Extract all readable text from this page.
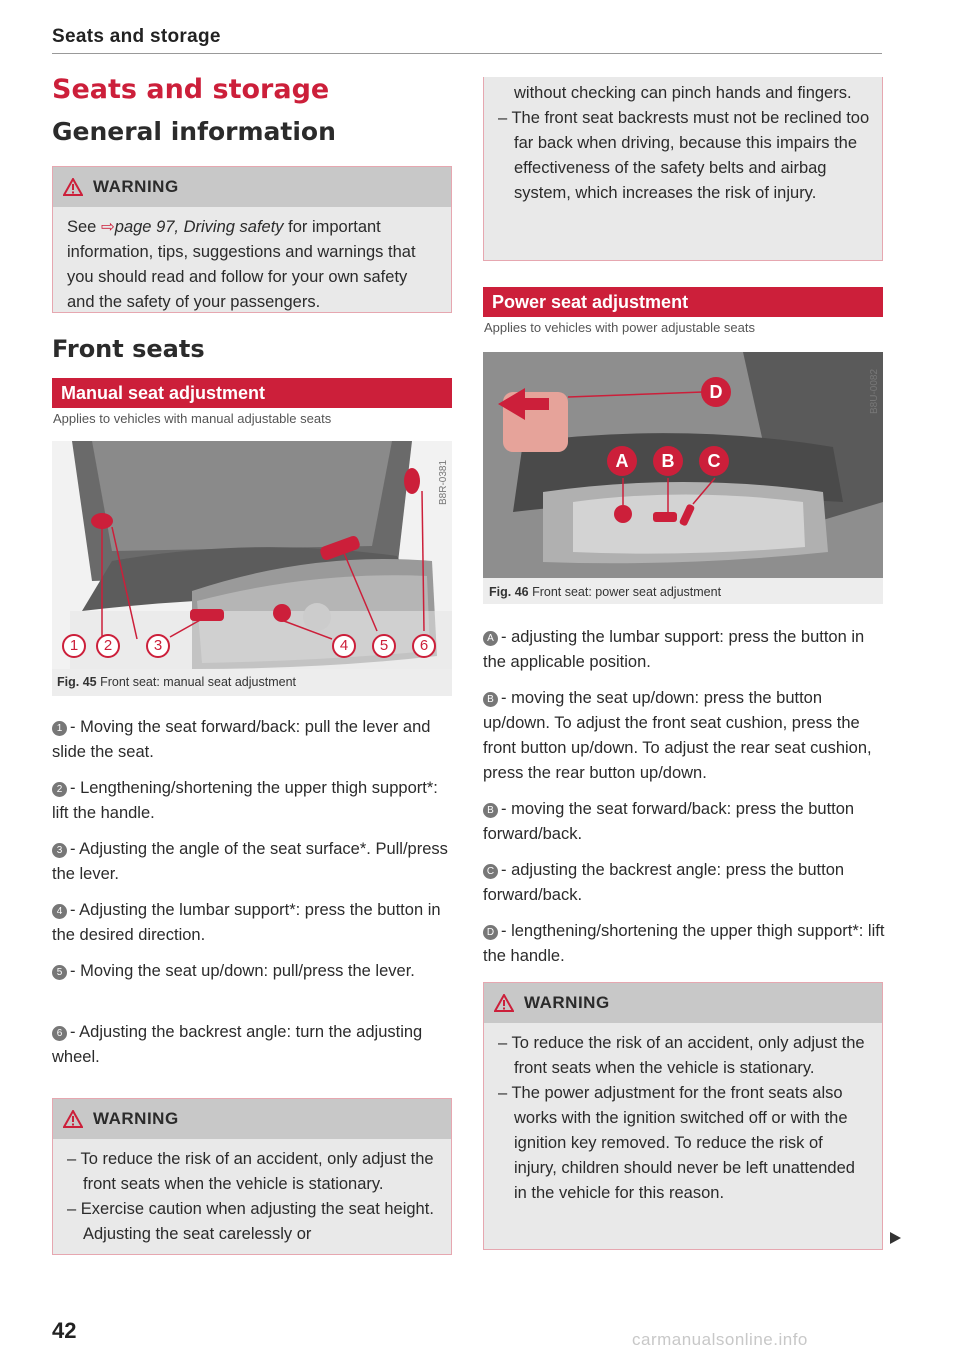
Seats and storage
Seats and storage
General information
WARNING
See ⇨page 97, Driving safety for important information, tips, suggestions and warnings that you should read and follow for your own safety and the safety of your passengers.
Front seats
Manual seat adjustment
Applies to vehicles with manual adjustable seats
1	2	3	4	5	6
B8R-0381
Fig. 45 Front seat: manual seat adjustment
1 - Moving the seat forward/back: pull the lever and slide the seat.
2 - Lengthening/shortening the upper thigh support*: lift the handle.
3 - Adjusting the angle of the seat surface*. Pull/press the lever.
4 - Adjusting the lumbar support*: press the button in the desired direction.
5 - Moving the seat up/down: pull/press the lever.
6 - Adjusting the backrest angle: turn the adjusting wheel.
WARNING
– To reduce the risk of an accident, only adjust the front seats when the vehicle is stationary.
– Exercise caution when adjusting the seat height. Adjusting the seat carelessly or
42
without checking can pinch hands and fingers.
– The front seat backrests must not be reclined too far back when driving, because this impairs the effectiveness of the safety belts and airbag system, which increases the risk of injury.
Power seat adjustment
Applies to vehicles with power adjustable seats
D
A	B	C
B8U-0082
Fig. 46 Front seat: power seat adjustment
A - adjusting the lumbar support: press the button in the applicable position.
B - moving the seat up/down: press the button up/down. To adjust the front seat cushion, press the front button up/down. To adjust the rear seat cushion, press the rear button up/down.
B - moving the seat forward/back: press the button forward/back.
C - adjusting the backrest angle: press the button forward/back.
D - lengthening/shortening the upper thigh support*: lift the handle.
WARNING
– To reduce the risk of an accident, only adjust the front seats when the vehicle is stationary.
– The power adjustment for the front seats also works with the ignition switched off or with the ignition key removed. To reduce the risk of injury, children should never be left unattended in the vehicle for this reason.
carmanualsonline.info
